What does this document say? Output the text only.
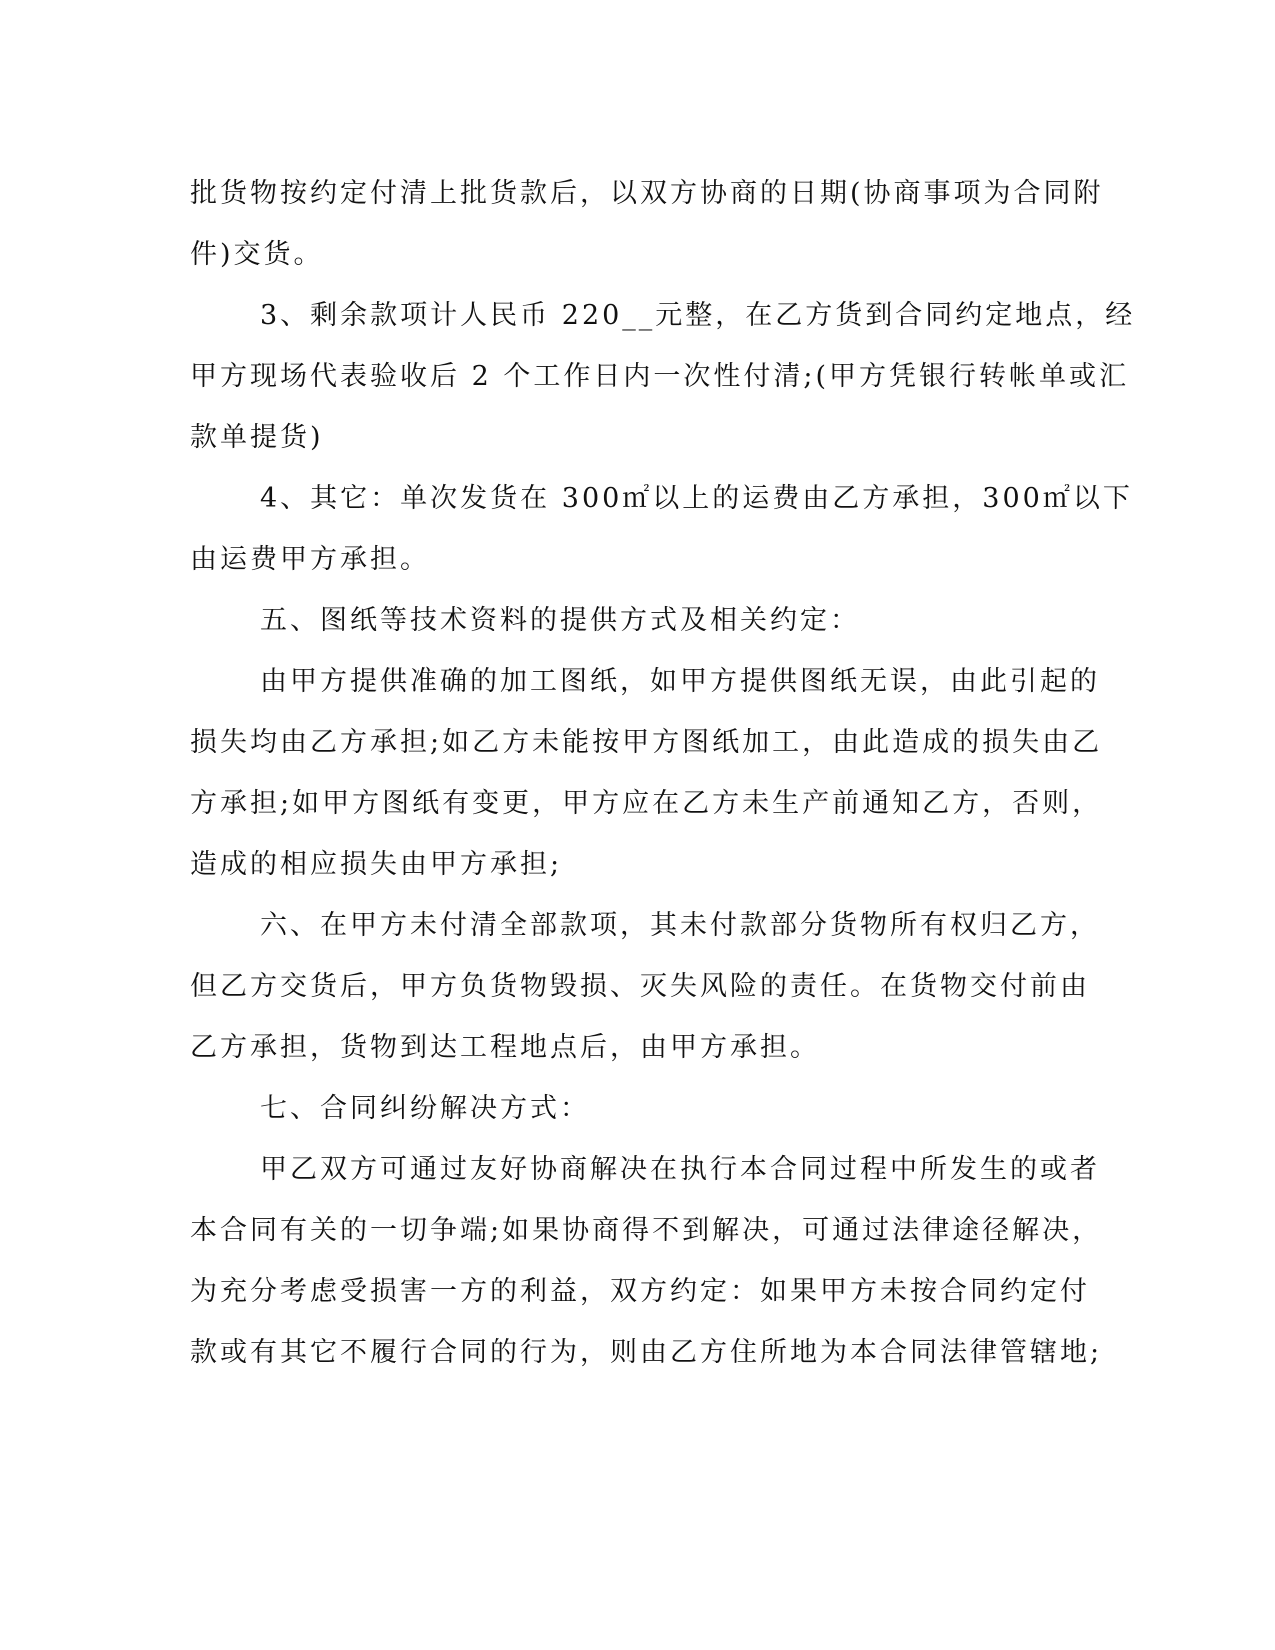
批货物按约定付清上批货款后，以双方协商的日期(协商事项为合同附
件)交货。

3、剩余款项计人民币 220__元整，在乙方货到合同约定地点，经
甲方现场代表验收后 2 个工作日内一次性付清;(甲方凭银行转帐单或汇
款单提货)

4、其它：单次发货在 300㎡以上的运费由乙方承担，300㎡以下
由运费甲方承担。

五、图纸等技术资料的提供方式及相关约定：

由甲方提供准确的加工图纸，如甲方提供图纸无误，由此引起的
损失均由乙方承担;如乙方未能按甲方图纸加工，由此造成的损失由乙
方承担;如甲方图纸有变更，甲方应在乙方未生产前通知乙方，否则，
造成的相应损失由甲方承担;

六、在甲方未付清全部款项，其未付款部分货物所有权归乙方，
但乙方交货后，甲方负货物毁损、灭失风险的责任。在货物交付前由
乙方承担，货物到达工程地点后，由甲方承担。

七、合同纠纷解决方式：

甲乙双方可通过友好协商解决在执行本合同过程中所发生的或者
本合同有关的一切争端;如果协商得不到解决，可通过法律途径解决，
为充分考虑受损害一方的利益，双方约定：如果甲方未按合同约定付
款或有其它不履行合同的行为，则由乙方住所地为本合同法律管辖地;
